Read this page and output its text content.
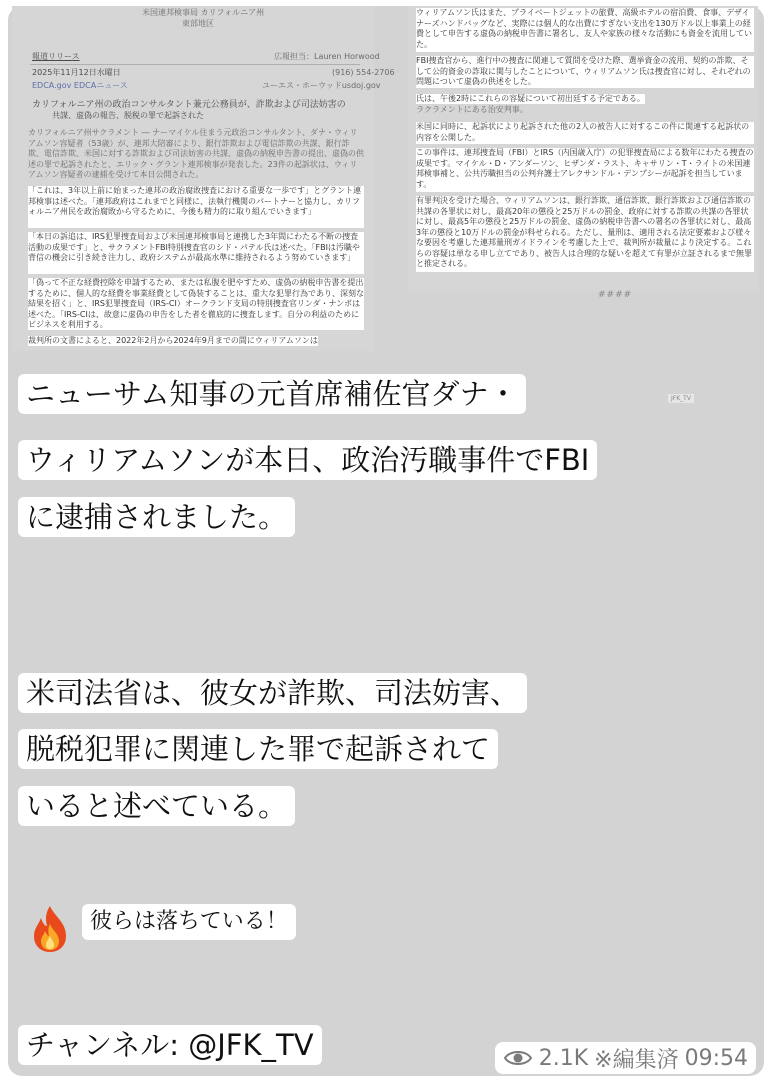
米国連邦検事局 カリフォルニア州
東部地区
報道リリース	広報担当：Lauren Horwood
2025年11月12日水曜日	(916) 554-2706
EDCA.gov EDCAニュース	ユーエス・ホーウッドusdoj.gov
カリフォルニア州の政治コンサルタント兼元公務員が、詐欺および司法妨害の
共謀、虚偽の報告、脱税の罪で起訴された
カリフォルニア州サクラメント ― ナーマイケル住まう元政治コンサルタント、ダナ・ウィリアムソン容疑者（53歳）が、連邦大陪審により、銀行詐欺および電信詐欺の共謀、銀行詐欺、電信詐欺、米国に対する詐欺および司法妨害の共謀、虚偽の納税申告書の提出、虚偽の供述の罪で起訴されたと、エリック・グラント連邦検事が発表した。23件の起訴状は、ウィリアムソン容疑者の逮捕を受けて本日公開された。
「これは、3年以上前に始まった連邦の政治腐敗捜査における重要な一歩です」とグラント連邦検事は述べた。「連邦政府はこれまでと同様に、法執行機関のパートナーと協力し、カリフォルニア州民を政治腐敗から守るために、今後も精力的に取り組んでいきます」
「本日の訴追は、IRS犯罪捜査局および米国連邦検事局と連携した3年間にわたる不断の捜査活動の成果です」と、サクラメントFBI特別捜査官のシド・パテル氏は述べた。「FBIは汚職や背信の機会に引き続き注力し、政府システムが最高水準に維持されるよう努めていきます」
「偽って不正な経費控除を申請するため、または私腹を肥やすため、虚偽の納税申告書を提出するために、個人的な経費を事業経費として偽装することは、重大な犯罪行為であり、深刻な結果を招く」と、IRS犯罪捜査局（IRS-CI）オークランド支局の特別捜査官リンダ・ナンボは述べた。「IRS-CIは、故意に虚偽の申告をした者を徹底的に捜査します。自分の利益のためにビジネスを利用する。
裁判所の文書によると、2022年2月から2024年9月までの間にウィリアムソンは
ウィリアムソン氏はまた、プライベートジェットの旅費、高級ホテルの宿泊費、食事、デザイナーズハンドバッグなど、実際には個人的な出費にすぎない支出を130万ドル以上事業上の経費として申告する虚偽の納税申告書に署名し、友人や家族の様々な活動にも資金を流用していた。
FBI捜査官から、進行中の捜査に関連して質問を受けた際、選挙資金の流用、契約の詐欺、そして公的資金の詐取に関与したことについて、ウィリアムソン氏は捜査官に対し、それぞれの問題について虚偽の供述をした。
氏は、午後2時にこれらの容疑について初出廷する予定である。
ラクラメントにある治安判事。
米国に同時に、起訴状により起訴された他の2人の被告人に対するこの件に関連する起訴状の内容を公開した。
この事件は、連邦捜査局（FBI）とIRS（内国歳入庁）の犯罪捜査局による数年にわたる捜査の成果です。マイケル・D・アンダーソン、ヒザンダ・ラスト、キャサリン・T・ライトの米国連邦検事補と、公共汚職担当の公判弁護士アレクサンドル・デンプシーが起訴を担当しています。
有罪判決を受けた場合、ウィリアムソンは、銀行詐欺、通信詐欺、銀行詐欺および通信詐欺の共謀の各罪状に対し、最高20年の懲役と25万ドルの罰金、政府に対する詐欺の共謀の各罪状に対し、最高5年の懲役と25万ドルの罰金、虚偽の納税申告書への署名の各罪状に対し、最高3年の懲役と10万ドルの罰金が科せられる。ただし、量刑は、適用される法定要素および様々な要因を考慮した連邦量刑ガイドラインを考慮した上で、裁判所が裁量により決定する。これらの容疑は単なる申し立てであり、被告人は合理的な疑いを超えて有罪が立証されるまで無罪と推定される。
####
JFK_TV
ニューサム知事の元首席補佐官ダナ・
ウィリアムソンが本日、政治汚職事件でFBI
に逮捕されました。
米司法省は、彼女が詐欺、司法妨害、
脱税犯罪に関連した罪で起訴されて
いると述べている。
彼らは落ちている！
チャンネル: @JFK_TV	2.1K ※編集済 09:54
